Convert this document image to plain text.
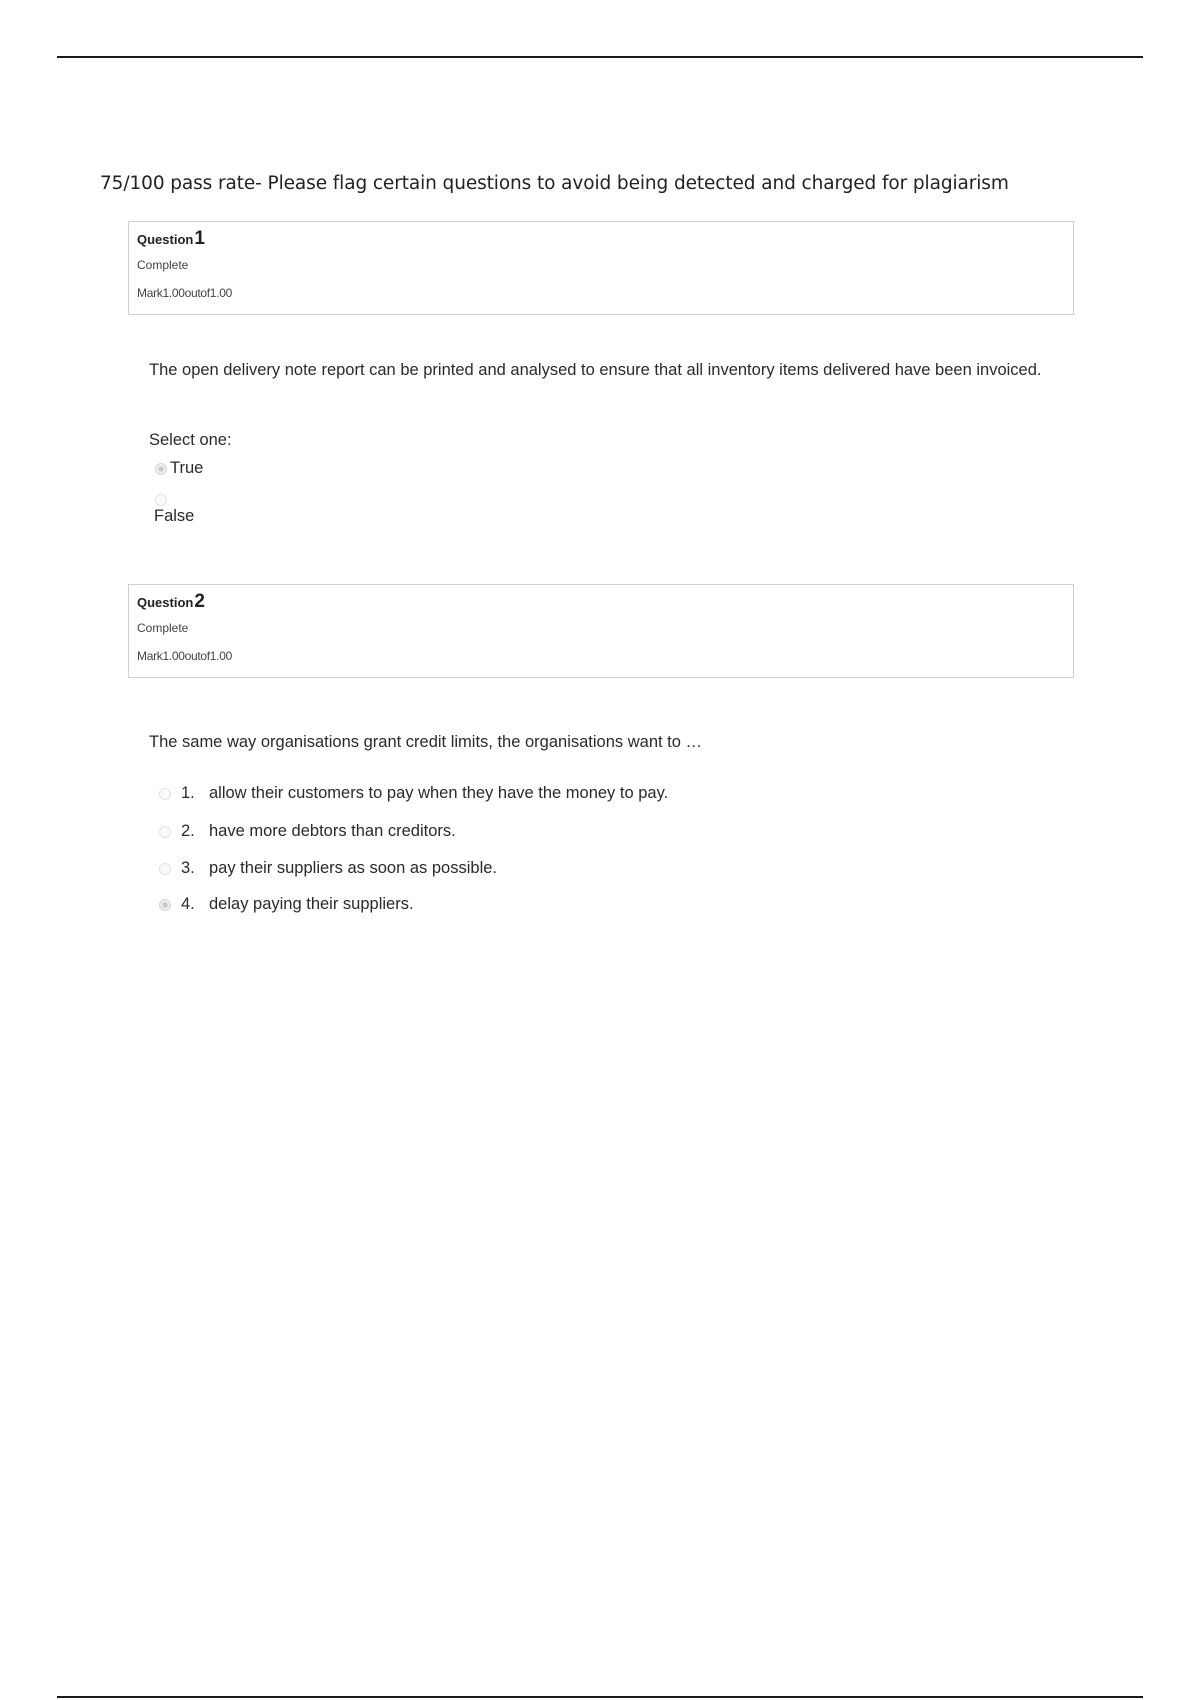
75/100 pass rate- Please flag certain questions to avoid being detected and charged for plagiarism
Question1
Complete
Mark1.00outof1.00
The open delivery note report can be printed and analysed to ensure that all inventory items delivered have been invoiced.
Select one:
True
False
Question2
Complete
Mark1.00outof1.00
The same way organisations grant credit limits, the organisations want to …
1. allow their customers to pay when they have the money to pay.
2. have more debtors than creditors.
3. pay their suppliers as soon as possible.
4. delay paying their suppliers.
